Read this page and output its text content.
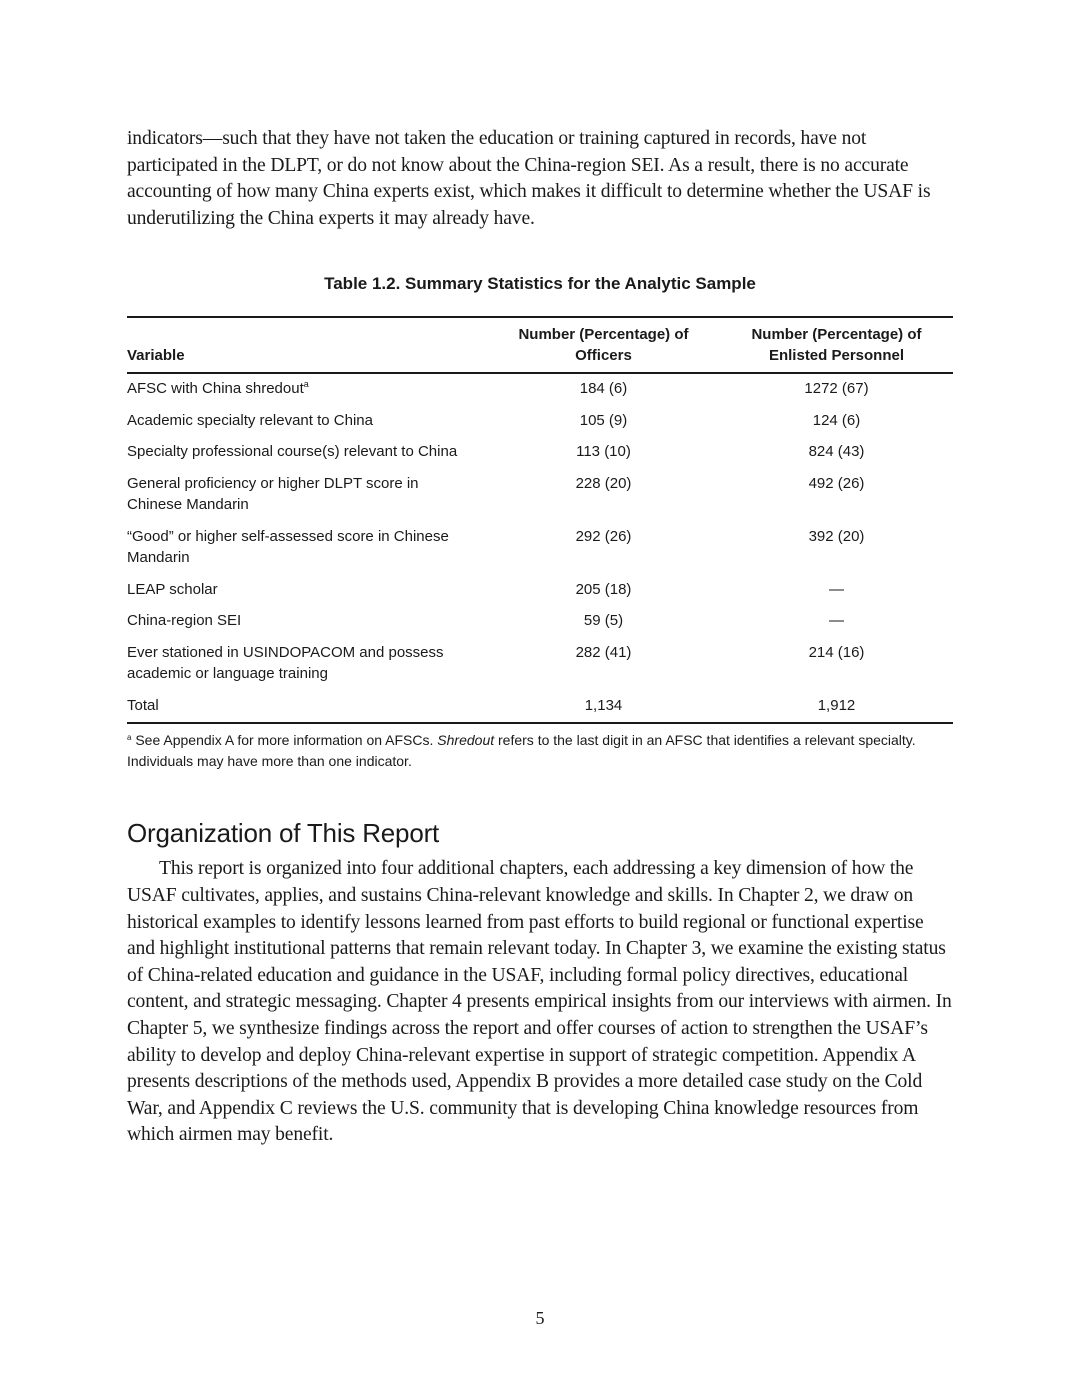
indicators—such that they have not taken the education or training captured in records, have not participated in the DLPT, or do not know about the China-region SEI. As a result, there is no accurate accounting of how many China experts exist, which makes it difficult to determine whether the USAF is underutilizing the China experts it may already have.

Table 1.2. Summary Statistics for the Analytic Sample
Variable	Number (Percentage) of Officers	Number (Percentage) of Enlisted Personnel

AFSC with China shredout$^a$	184 (6)	1272 (67)
Academic specialty relevant to China	105 (9)	124 (6)
Specialty professional course(s) relevant to China	113 (10)	824 (43)
General proficiency or higher DLPT score in Chinese Mandarin	228 (20)	492 (26)
“Good” or higher self-assessed score in Chinese Mandarin	292 (26)	392 (20)
LEAP scholar	205 (18)	—
China-region SEI	59 (5)	—
Ever stationed in USINDOPACOM and possess academic or language training	282 (41)	214 (16)
Total	1,134	1,912

$^a$ See Appendix A for more information on AFSCs. Shredout refers to the last digit in an AFSC that identifies a relevant specialty. Individuals may have more than one indicator.

Organization of This Report

This report is organized into four additional chapters, each addressing a key dimension of how the USAF cultivates, applies, and sustains China-relevant knowledge and skills. In Chapter 2, we draw on historical examples to identify lessons learned from past efforts to build regional or functional expertise and highlight institutional patterns that remain relevant today. In Chapter 3, we examine the existing status of China-related education and guidance in the USAF, including formal policy directives, educational content, and strategic messaging. Chapter 4 presents empirical insights from our interviews with airmen. In Chapter 5, we synthesize findings across the report and offer courses of action to strengthen the USAF’s ability to develop and deploy China-relevant expertise in support of strategic competition. Appendix A presents descriptions of the methods used, Appendix B provides a more detailed case study on the Cold War, and Appendix C reviews the U.S. community that is developing China knowledge resources from which airmen may benefit.

5
